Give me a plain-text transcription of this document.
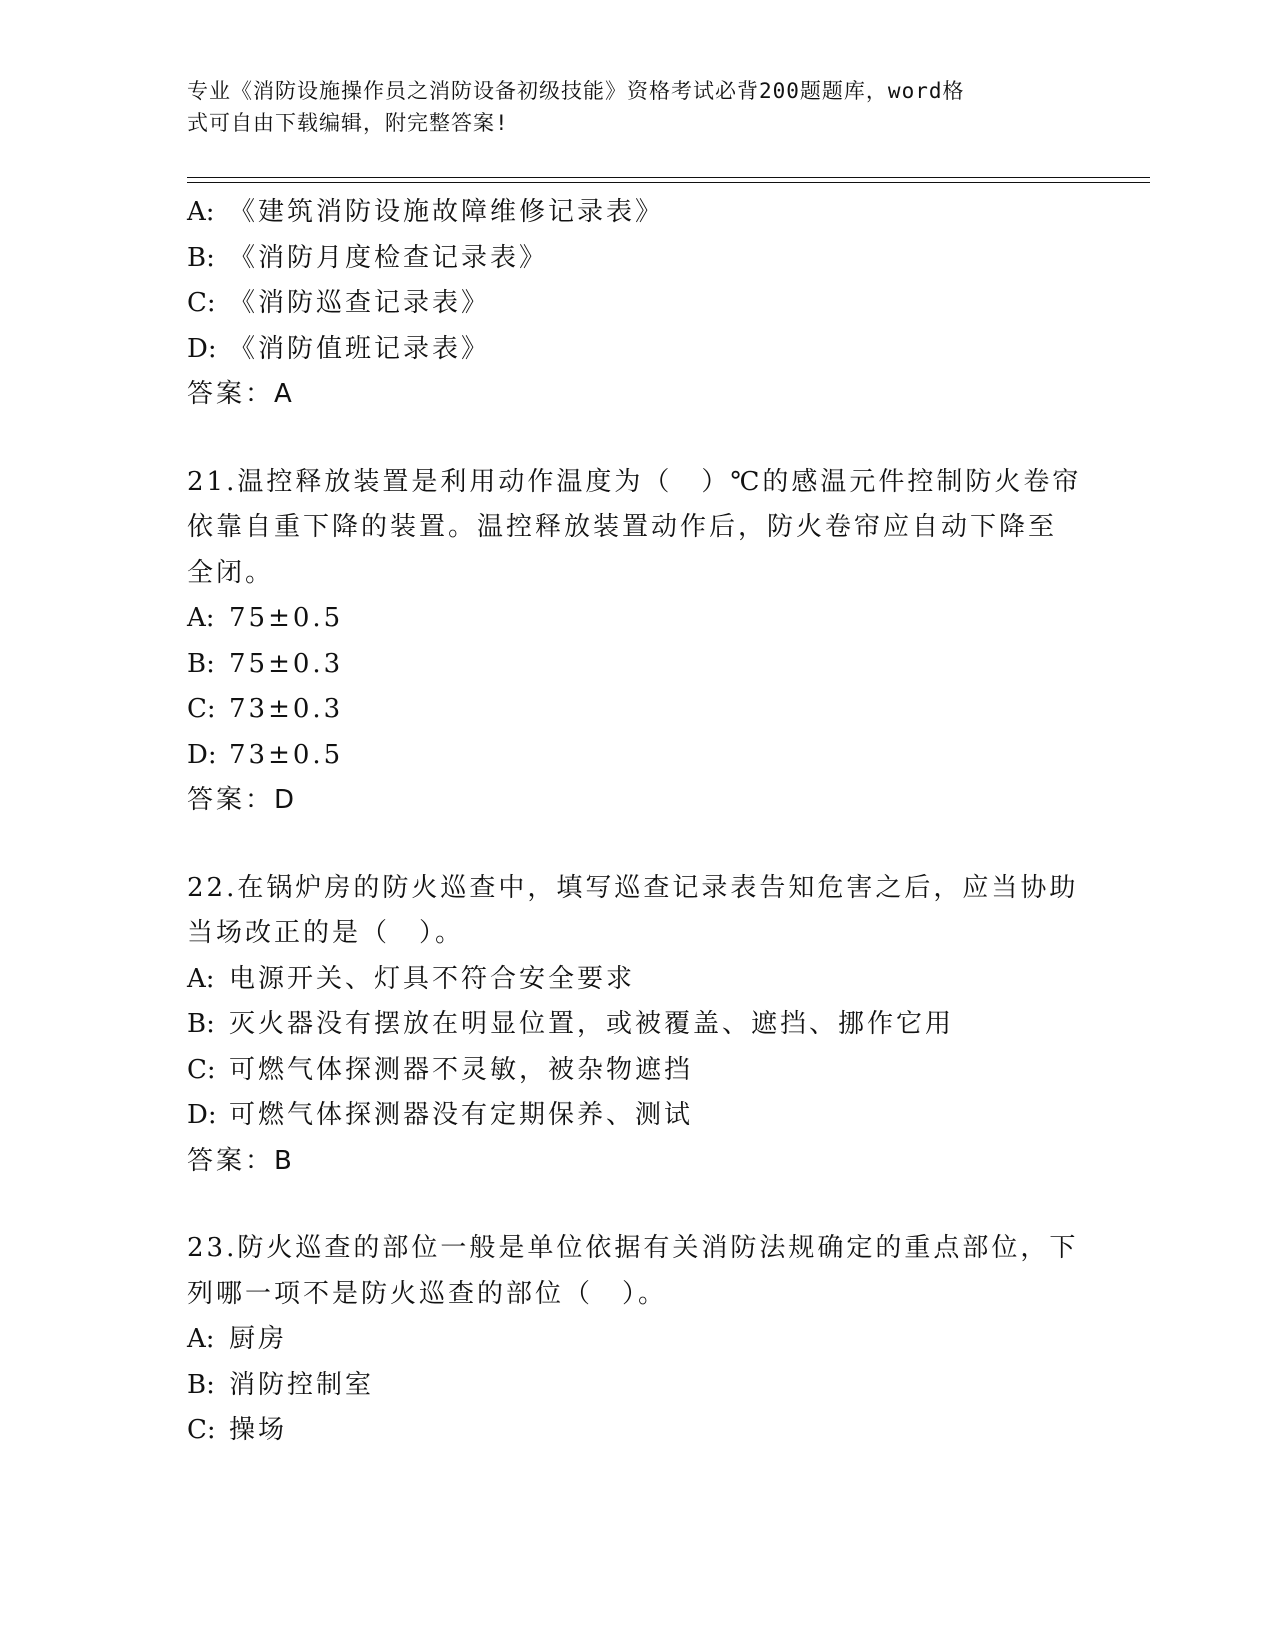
专业《消防设施操作员之消防设备初级技能》资格考试必背200题题库，word格
式可自由下载编辑，附完整答案!
A: 《建筑消防设施故障维修记录表》
B: 《消防月度检查记录表》
C: 《消防巡查记录表》
D: 《消防值班记录表》
答案：A
21.温控释放装置是利用动作温度为（　）℃的感温元件控制防火卷帘
依靠自重下降的装置。温控释放装置动作后，防火卷帘应自动下降至
全闭。
A: 75±0.5
B: 75±0.3
C: 73±0.3
D: 73±0.5
答案：D
22.在锅炉房的防火巡查中，填写巡查记录表告知危害之后，应当协助
当场改正的是（　）。
A: 电源开关、灯具不符合安全要求
B: 灭火器没有摆放在明显位置，或被覆盖、遮挡、挪作它用
C: 可燃气体探测器不灵敏，被杂物遮挡
D: 可燃气体探测器没有定期保养、测试
答案：B
23.防火巡查的部位一般是单位依据有关消防法规确定的重点部位，下
列哪一项不是防火巡查的部位（　）。
A: 厨房
B: 消防控制室
C: 操场
